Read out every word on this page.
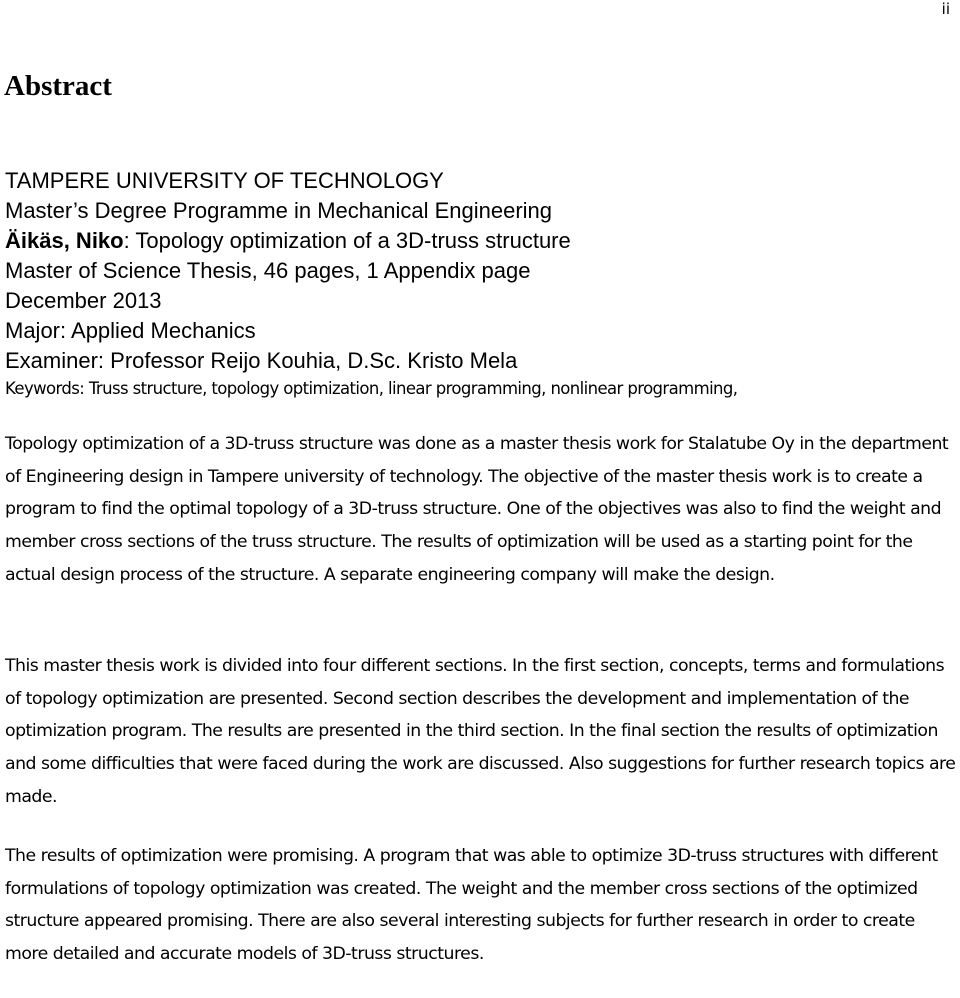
ii
Abstract
TAMPERE UNIVERSITY OF TECHNOLOGY
Master’s Degree Programme in Mechanical Engineering
Äikäs, Niko: Topology optimization of a 3D-truss structure
Master of Science Thesis, 46 pages, 1 Appendix page
December 2013
Major: Applied Mechanics
Examiner: Professor Reijo Kouhia, D.Sc. Kristo Mela
Keywords: Truss structure, topology optimization, linear programming, nonlinear programming,

Topology optimization of a 3D-truss structure was done as a master thesis work for Stalatube Oy in the department of Engineering design in Tampere university of technology. The objective of the master thesis work is to create a program to find the optimal topology of a 3D-truss structure. One of the objectives was also to find the weight and member cross sections of the truss structure. The results of optimization will be used as a starting point for the actual design process of the structure. A separate engineering company will make the design.

This master thesis work is divided into four different sections. In the first section, concepts, terms and formulations of topology optimization are presented. Second section describes the development and implementation of the optimization program. The results are presented in the third section. In the final section the results of optimization and some difficulties that were faced during the work are discussed. Also suggestions for further research topics are made.

The results of optimization were promising. A program that was able to optimize 3D-truss structures with different formulations of topology optimization was created. The weight and the member cross sections of the optimized structure appeared promising. There are also several interesting subjects for further research in order to create more detailed and accurate models of 3D-truss structures.
